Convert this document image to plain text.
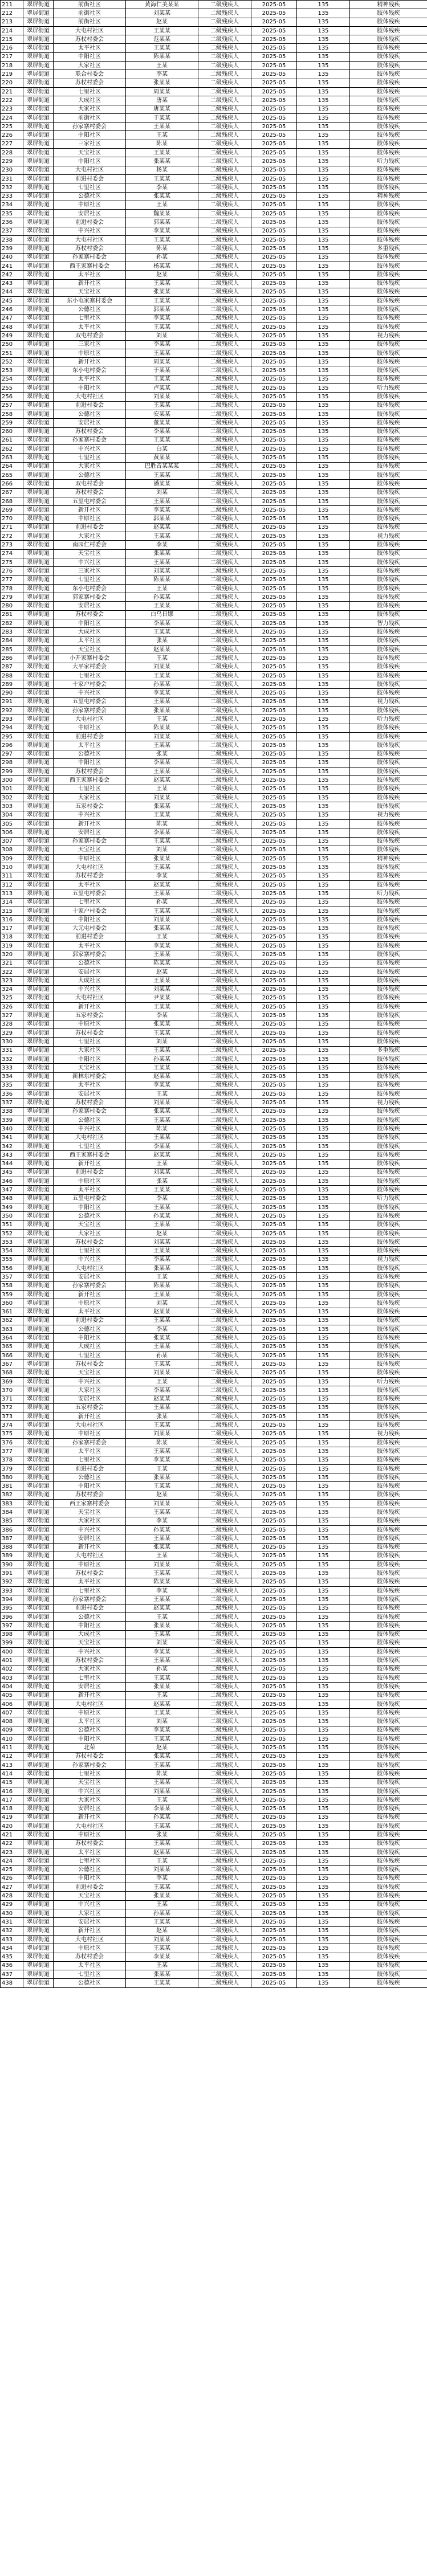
211	翠屏街道	前街社区	黄海仁美某某	二级残疾人	2025-05	135	精神残疾
212	翠屏街道	前街社区	刘某某	二级残疾人	2025-05	135	肢体残疾
213	翠屏街道	前街社区	赵某	二级残疾人	2025-05	135	肢体残疾
214	翠屏街道	大屯村社区	王某某	二级残疾人	2025-05	135	肢体残疾
215	翠屏街道	苏杖村委会	范某某	二级残疾人	2025-05	135	肢体残疾
216	翠屏街道	太平社区	王某某	二级残疾人	2025-05	135	肢体残疾
217	翠屏街道	中阳社区	陈某某	二级残疾人	2025-05	135	肢体残疾
218	翠屏街道	大家社区	王某	二级残疾人	2025-05	135	肢体残疾
219	翠屏街道	联合村委会	李某	二级残疾人	2025-05	135	肢体残疾
220	翠屏街道	苏杖村委会	张某某	二级残疾人	2025-05	135	肢体残疾
221	翠屏街道	七里社区	周某某	二级残疾人	2025-05	135	肢体残疾
222	翠屏街道	大成社区	唐某	二级残疾人	2025-05	135	肢体残疾
223	翠屏街道	大家社区	唐某某	二级残疾人	2025-05	135	肢体残疾
224	翠屏街道	前街社区	于某某	二级残疾人	2025-05	135	肢体残疾
225	翠屏街道	孙家寨村委会	王某某	二级残疾人	2025-05	135	肢体残疾
226	翠屏街道	中阳社区	王某	二级残疾人	2025-05	135	肢体残疾
227	翠屏街道	三家社区	陈某	二级残疾人	2025-05	135	肢体残疾
228	翠屏街道	天宝社区	王某某	二级残疾人	2025-05	135	肢体残疾
229	翠屏街道	中阳社区	张某某	二级残疾人	2025-05	135	听力残疾
230	翠屏街道	大屯村社区	杨某	二级残疾人	2025-05	135	肢体残疾
231	翠屏街道	前进村委会	王某某	二级残疾人	2025-05	135	肢体残疾
232	翠屏街道	七里社区	李某	二级残疾人	2025-05	135	肢体残疾
233	翠屏街道	公德社区	张某某	二级残疾人	2025-05	135	精神残疾
234	翠屏街道	中原社区	王某	二级残疾人	2025-05	135	肢体残疾
235	翠屏街道	安居社区	魏某某	二级残疾人	2025-05	135	肢体残疾
236	翠屏街道	前进村委会	郭某某	二级残疾人	2025-05	135	肢体残疾
237	翠屏街道	中兴社区	李某某	二级残疾人	2025-05	135	肢体残疾
238	翠屏街道	大屯村社区	王某某	二级残疾人	2025-05	135	肢体残疾
239	翠屏街道	苏杖村委会	陈某	二级残疾人	2025-05	135	多重残疾
240	翠屏街道	孙家寨村委会	孙某	二级残疾人	2025-05	135	肢体残疾
241	翠屏街道	西王家寨村委会	杨某某	二级残疾人	2025-05	135	肢体残疾
242	翠屏街道	太平社区	赵某	二级残疾人	2025-05	135	肢体残疾
243	翠屏街道	新开社区	王某某	二级残疾人	2025-05	135	肢体残疾
244	翠屏街道	天宝社区	张某某	二级残疾人	2025-05	135	肢体残疾
245	翠屏街道	东小屯家寨村委会	王某某	二级残疾人	2025-05	135	肢体残疾
246	翠屏街道	公德社区	郭某某	二级残疾人	2025-05	135	肢体残疾
247	翠屏街道	七里社区	李某某	二级残疾人	2025-05	135	肢体残疾
248	翠屏街道	太平社区	王某某	二级残疾人	2025-05	135	肢体残疾
249	翠屏街道	双屯村委会	刘某	二级残疾人	2025-05	135	视力残疾
250	翠屏街道	三家社区	李某某	二级残疾人	2025-05	135	肢体残疾
251	翠屏街道	中原社区	王某某	二级残疾人	2025-05	135	肢体残疾
252	翠屏街道	新开社区	周某某	二级残疾人	2025-05	135	肢体残疾
253	翠屏街道	东小屯村委会	于某某	二级残疾人	2025-05	135	肢体残疾
254	翠屏街道	太平社区	王某某	二级残疾人	2025-05	135	肢体残疾
255	翠屏街道	中阳社区	卢某某	二级残疾人	2025-05	135	听力残疾
256	翠屏街道	大屯村社区	刘某某	二级残疾人	2025-05	135	肢体残疾
257	翠屏街道	前进村委会	王某某	二级残疾人	2025-05	135	肢体残疾
258	翠屏街道	公德社区	安某某	二级残疾人	2025-05	135	肢体残疾
259	翠屏街道	安居社区	董某某	二级残疾人	2025-05	135	肢体残疾
260	翠屏街道	苏杖村委会	李某某	二级残疾人	2025-05	135	肢体残疾
261	翠屏街道	孙家寨村委会	王某某	二级残疾人	2025-05	135	肢体残疾
262	翠屏街道	中兴社区	白某	二级残疾人	2025-05	135	肢体残疾
263	翠屏街道	七里社区	黄某某	二级残疾人	2025-05	135	肢体残疾
264	翠屏街道	大家社区	巴胜音某某某	二级残疾人	2025-05	135	肢体残疾
265	翠屏街道	公德社区	王某某	二级残疾人	2025-05	135	肢体残疾
266	翠屏街道	双屯村委会	潘某某	二级残疾人	2025-05	135	肢体残疾
267	翠屏街道	苏杖村委会	刘某	二级残疾人	2025-05	135	肢体残疾
268	翠屏街道	五里屯村委会	王某某	二级残疾人	2025-05	135	肢体残疾
269	翠屏街道	新开社区	李某某	二级残疾人	2025-05	135	肢体残疾
270	翠屏街道	中原社区	郭某某	二级残疾人	2025-05	135	肢体残疾
271	翠屏街道	前进村委会	赵某某	二级残疾人	2025-05	135	肢体残疾
272	翠屏街道	大家社区	王某某	二级残疾人	2025-05	135	视力残疾
273	翠屏街道	南园仁村委会	李某	二级残疾人	2025-05	135	肢体残疾
274	翠屏街道	天宝社区	张某某	二级残疾人	2025-05	135	肢体残疾
275	翠屏街道	中兴社区	王某某	二级残疾人	2025-05	135	肢体残疾
276	翠屏街道	三家社区	刘某某	二级残疾人	2025-05	135	肢体残疾
277	翠屏街道	七里社区	陈某某	二级残疾人	2025-05	135	肢体残疾
278	翠屏街道	东小屯村委会	王某	二级残疾人	2025-05	135	肢体残疾
279	翠屏街道	郭家寨村委会	孙某某	二级残疾人	2025-05	135	肢体残疾
280	翠屏街道	安居社区	王某某	二级残疾人	2025-05	135	肢体残疾
281	翠屏街道	苏杖村委会	白乌日娜	二级残疾人	2025-05	135	肢体残疾
282	翠屏街道	中阳社区	李某某	二级残疾人	2025-05	135	智力残疾
283	翠屏街道	大成社区	王某某	二级残疾人	2025-05	135	肢体残疾
284	翠屏街道	太平社区	张某	二级残疾人	2025-05	135	肢体残疾
285	翠屏街道	天宝社区	赵某某	二级残疾人	2025-05	135	肢体残疾
286	翠屏街道	小开家寨村委会	王某	二级残疾人	2025-05	135	肢体残疾
287	翠屏街道	大平家村委会	刘某某	二级残疾人	2025-05	135	肢体残疾
288	翠屏街道	七里社区	王某某	二级残疾人	2025-05	135	肢体残疾
289	翠屏街道	十家户村委会	孙某某	二级残疾人	2025-05	135	肢体残疾
290	翠屏街道	中兴社区	李某某	二级残疾人	2025-05	135	肢体残疾
291	翠屏街道	五里屯村委会	王某某	二级残疾人	2025-05	135	视力残疾
292	翠屏街道	孙家寨村委会	张某某	二级残疾人	2025-05	135	肢体残疾
293	翠屏街道	大屯村社区	王某	二级残疾人	2025-05	135	听力残疾
294	翠屏街道	中原社区	陈某某	二级残疾人	2025-05	135	肢体残疾
295	翠屏街道	前进村委会	刘某某	二级残疾人	2025-05	135	肢体残疾
296	翠屏街道	太平社区	王某某	二级残疾人	2025-05	135	肢体残疾
297	翠屏街道	公德社区	张某	二级残疾人	2025-05	135	肢体残疾
298	翠屏街道	中阳社区	李某某	二级残疾人	2025-05	135	肢体残疾
299	翠屏街道	苏杖村委会	王某某	二级残疾人	2025-05	135	肢体残疾
300	翠屏街道	西王家寨村委会	赵某某	二级残疾人	2025-05	135	肢体残疾
301	翠屏街道	七里社区	王某	二级残疾人	2025-05	135	肢体残疾
302	翠屏街道	大家社区	刘某某	二级残疾人	2025-05	135	肢体残疾
303	翠屏街道	五家村委会	张某某	二级残疾人	2025-05	135	肢体残疾
304	翠屏街道	中兴社区	王某某	二级残疾人	2025-05	135	视力残疾
305	翠屏街道	新开社区	陈某	二级残疾人	2025-05	135	肢体残疾
306	翠屏街道	安居社区	李某某	二级残疾人	2025-05	135	肢体残疾
307	翠屏街道	孙家寨村委会	王某某	二级残疾人	2025-05	135	肢体残疾
308	翠屏街道	天宝社区	刘某	二级残疾人	2025-05	135	肢体残疾
309	翠屏街道	中原社区	张某某	二级残疾人	2025-05	135	精神残疾
310	翠屏街道	大屯村社区	王某某	二级残疾人	2025-05	135	肢体残疾
311	翠屏街道	苏杖村委会	李某	二级残疾人	2025-05	135	肢体残疾
312	翠屏街道	太平社区	赵某某	二级残疾人	2025-05	135	肢体残疾
313	翠屏街道	五里屯村委会	王某某	二级残疾人	2025-05	135	听力残疾
314	翠屏街道	七里社区	孙某	二级残疾人	2025-05	135	肢体残疾
315	翠屏街道	十家户村委会	王某某	二级残疾人	2025-05	135	肢体残疾
316	翠屏街道	中阳社区	刘某某	二级残疾人	2025-05	135	肢体残疾
317	翠屏街道	大元屯村委会	张某某	二级残疾人	2025-05	135	肢体残疾
318	翠屏街道	前进村委会	王某	二级残疾人	2025-05	135	肢体残疾
319	翠屏街道	太平社区	李某某	二级残疾人	2025-05	135	肢体残疾
320	翠屏街道	郭家寨村委会	王某某	二级残疾人	2025-05	135	肢体残疾
321	翠屏街道	公德社区	陈某某	二级残疾人	2025-05	135	肢体残疾
322	翠屏街道	安居社区	赵某	二级残疾人	2025-05	135	肢体残疾
323	翠屏街道	大成社区	王某某	二级残疾人	2025-05	135	肢体残疾
324	翠屏街道	中兴社区	刘某某	二级残疾人	2025-05	135	肢体残疾
325	翠屏街道	大屯村社区	尹某某	二级残疾人	2025-05	135	肢体残疾
326	翠屏街道	新开社区	王某某	二级残疾人	2025-05	135	肢体残疾
327	翠屏街道	五家村委会	李某	二级残疾人	2025-05	135	肢体残疾
328	翠屏街道	中原社区	张某某	二级残疾人	2025-05	135	肢体残疾
329	翠屏街道	苏杖村委会	王某某	二级残疾人	2025-05	135	肢体残疾
330	翠屏街道	七里社区	刘某	二级残疾人	2025-05	135	肢体残疾
331	翠屏街道	大家社区	王某某	二级残疾人	2025-05	135	多重残疾
332	翠屏街道	中阳社区	孙某某	二级残疾人	2025-05	135	肢体残疾
333	翠屏街道	天宝社区	王某某	二级残疾人	2025-05	135	肢体残疾
334	翠屏街道	新林东村委会	赵某某	二级残疾人	2025-05	135	肢体残疾
335	翠屏街道	太平社区	李某某	二级残疾人	2025-05	135	肢体残疾
336	翠屏街道	安居社区	王某	二级残疾人	2025-05	135	肢体残疾
337	翠屏街道	苏杖村委会	刘某某	二级残疾人	2025-05	135	视力残疾
338	翠屏街道	孙家寨村委会	张某某	二级残疾人	2025-05	135	肢体残疾
339	翠屏街道	公德社区	王某某	二级残疾人	2025-05	135	肢体残疾
340	翠屏街道	中兴社区	陈某	二级残疾人	2025-05	135	肢体残疾
341	翠屏街道	大屯村社区	王某某	二级残疾人	2025-05	135	肢体残疾
342	翠屏街道	七里社区	李某某	二级残疾人	2025-05	135	肢体残疾
343	翠屏街道	西王家寨村委会	赵某某	二级残疾人	2025-05	135	肢体残疾
344	翠屏街道	新开社区	王某	二级残疾人	2025-05	135	肢体残疾
345	翠屏街道	前进村委会	刘某某	二级残疾人	2025-05	135	肢体残疾
346	翠屏街道	中原社区	张某	二级残疾人	2025-05	135	肢体残疾
347	翠屏街道	太平社区	王某某	二级残疾人	2025-05	135	肢体残疾
348	翠屏街道	五里屯村委会	李某	二级残疾人	2025-05	135	听力残疾
349	翠屏街道	中阳社区	王某某	二级残疾人	2025-05	135	肢体残疾
350	翠屏街道	公德社区	孙某某	二级残疾人	2025-05	135	肢体残疾
351	翠屏街道	天宝社区	王某某	二级残疾人	2025-05	135	肢体残疾
352	翠屏街道	大家社区	赵某	二级残疾人	2025-05	135	肢体残疾
353	翠屏街道	苏杖村委会	刘某某	二级残疾人	2025-05	135	肢体残疾
354	翠屏街道	七里社区	王某某	二级残疾人	2025-05	135	肢体残疾
355	翠屏街道	中兴社区	李某某	二级残疾人	2025-05	135	视力残疾
356	翠屏街道	大屯村社区	张某某	二级残疾人	2025-05	135	肢体残疾
357	翠屏街道	安居社区	王某	二级残疾人	2025-05	135	肢体残疾
358	翠屏街道	孙家寨村委会	陈某某	二级残疾人	2025-05	135	肢体残疾
359	翠屏街道	新开社区	王某某	二级残疾人	2025-05	135	肢体残疾
360	翠屏街道	中原社区	刘某	二级残疾人	2025-05	135	肢体残疾
361	翠屏街道	太平社区	赵某某	二级残疾人	2025-05	135	肢体残疾
362	翠屏街道	前进村委会	王某某	二级残疾人	2025-05	135	肢体残疾
363	翠屏街道	公德社区	李某	二级残疾人	2025-05	135	肢体残疾
364	翠屏街道	中阳社区	张某某	二级残疾人	2025-05	135	肢体残疾
365	翠屏街道	大成社区	王某某	二级残疾人	2025-05	135	肢体残疾
366	翠屏街道	七里社区	孙某	二级残疾人	2025-05	135	肢体残疾
367	翠屏街道	苏杖村委会	王某某	二级残疾人	2025-05	135	肢体残疾
368	翠屏街道	天宝社区	刘某某	二级残疾人	2025-05	135	肢体残疾
369	翠屏街道	中兴社区	王某	二级残疾人	2025-05	135	听力残疾
370	翠屏街道	大家社区	李某某	二级残疾人	2025-05	135	肢体残疾
371	翠屏街道	安居社区	赵某某	二级残疾人	2025-05	135	肢体残疾
372	翠屏街道	五家村委会	王某某	二级残疾人	2025-05	135	肢体残疾
373	翠屏街道	新开社区	张某	二级残疾人	2025-05	135	肢体残疾
374	翠屏街道	大屯村社区	王某某	二级残疾人	2025-05	135	肢体残疾
375	翠屏街道	中原社区	刘某某	二级残疾人	2025-05	135	视力残疾
376	翠屏街道	孙家寨村委会	陈某	二级残疾人	2025-05	135	肢体残疾
377	翠屏街道	太平社区	王某某	二级残疾人	2025-05	135	肢体残疾
378	翠屏街道	七里社区	李某某	二级残疾人	2025-05	135	肢体残疾
379	翠屏街道	前进村委会	王某	二级残疾人	2025-05	135	肢体残疾
380	翠屏街道	公德社区	张某某	二级残疾人	2025-05	135	肢体残疾
381	翠屏街道	中阳社区	王某某	二级残疾人	2025-05	135	肢体残疾
382	翠屏街道	苏杖村委会	赵某	二级残疾人	2025-05	135	肢体残疾
383	翠屏街道	西王家寨村委会	刘某某	二级残疾人	2025-05	135	肢体残疾
384	翠屏街道	天宝社区	王某某	二级残疾人	2025-05	135	肢体残疾
385	翠屏街道	大家社区	李某	二级残疾人	2025-05	135	肢体残疾
386	翠屏街道	中兴社区	孙某某	二级残疾人	2025-05	135	肢体残疾
387	翠屏街道	安居社区	王某某	二级残疾人	2025-05	135	肢体残疾
388	翠屏街道	新开社区	张某某	二级残疾人	2025-05	135	肢体残疾
389	翠屏街道	大屯村社区	王某	二级残疾人	2025-05	135	肢体残疾
390	翠屏街道	中原社区	刘某某	二级残疾人	2025-05	135	肢体残疾
391	翠屏街道	苏杖村委会	王某某	二级残疾人	2025-05	135	肢体残疾
392	翠屏街道	太平社区	陈某某	二级残疾人	2025-05	135	肢体残疾
393	翠屏街道	七里社区	李某	二级残疾人	2025-05	135	肢体残疾
394	翠屏街道	孙家寨村委会	王某某	二级残疾人	2025-05	135	肢体残疾
395	翠屏街道	前进村委会	赵某某	二级残疾人	2025-05	135	肢体残疾
396	翠屏街道	公德社区	王某	二级残疾人	2025-05	135	肢体残疾
397	翠屏街道	中阳社区	张某某	二级残疾人	2025-05	135	肢体残疾
398	翠屏街道	大成社区	王某某	二级残疾人	2025-05	135	肢体残疾
399	翠屏街道	天宝社区	刘某	二级残疾人	2025-05	135	肢体残疾
400	翠屏街道	中兴社区	李某某	二级残疾人	2025-05	135	肢体残疾
401	翠屏街道	苏杖村委会	王某某	二级残疾人	2025-05	135	肢体残疾
402	翠屏街道	大家社区	孙某	二级残疾人	2025-05	135	肢体残疾
403	翠屏街道	七里社区	王某某	二级残疾人	2025-05	135	肢体残疾
404	翠屏街道	安居社区	张某某	二级残疾人	2025-05	135	肢体残疾
405	翠屏街道	新开社区	王某	二级残疾人	2025-05	135	肢体残疾
406	翠屏街道	大屯村社区	赵某某	二级残疾人	2025-05	135	肢体残疾
407	翠屏街道	中原社区	王某某	二级残疾人	2025-05	135	肢体残疾
408	翠屏街道	太平社区	刘某	二级残疾人	2025-05	135	肢体残疾
409	翠屏街道	公德社区	李某某	二级残疾人	2025-05	135	肢体残疾
410	翠屏街道	中阳社区	王某某	二级残疾人	2025-05	135	肢体残疾
411	翠屏街道	北荣	赵某	二级残疾人	2025-05	135	肢体残疾
412	翠屏街道	苏杖村委会	张某某	二级残疾人	2025-05	135	肢体残疾
413	翠屏街道	孙家寨村委会	王某某	二级残疾人	2025-05	135	肢体残疾
414	翠屏街道	七里社区	陈某	二级残疾人	2025-05	135	肢体残疾
415	翠屏街道	天宝社区	王某某	二级残疾人	2025-05	135	肢体残疾
416	翠屏街道	中兴社区	刘某某	二级残疾人	2025-05	135	肢体残疾
417	翠屏街道	大家社区	王某	二级残疾人	2025-05	135	肢体残疾
418	翠屏街道	安居社区	李某某	二级残疾人	2025-05	135	肢体残疾
419	翠屏街道	新开社区	孙某某	二级残疾人	2025-05	135	肢体残疾
420	翠屏街道	大屯村社区	王某某	二级残疾人	2025-05	135	肢体残疾
421	翠屏街道	中原社区	张某	二级残疾人	2025-05	135	肢体残疾
422	翠屏街道	苏杖村委会	王某某	二级残疾人	2025-05	135	肢体残疾
423	翠屏街道	太平社区	赵某某	二级残疾人	2025-05	135	肢体残疾
424	翠屏街道	七里社区	王某	二级残疾人	2025-05	135	肢体残疾
425	翠屏街道	公德社区	刘某某	二级残疾人	2025-05	135	肢体残疾
426	翠屏街道	中阳社区	李某	二级残疾人	2025-05	135	肢体残疾
427	翠屏街道	前进村委会	王某某	二级残疾人	2025-05	135	肢体残疾
428	翠屏街道	天宝社区	张某某	二级残疾人	2025-05	135	肢体残疾
429	翠屏街道	中兴社区	王某	二级残疾人	2025-05	135	肢体残疾
430	翠屏街道	大家社区	孙某某	二级残疾人	2025-05	135	肢体残疾
431	翠屏街道	安居社区	王某某	二级残疾人	2025-05	135	肢体残疾
432	翠屏街道	新开社区	赵某	二级残疾人	2025-05	135	肢体残疾
433	翠屏街道	大屯村社区	刘某某	二级残疾人	2025-05	135	肢体残疾
434	翠屏街道	中原社区	王某某	二级残疾人	2025-05	135	肢体残疾
435	翠屏街道	苏杖村委会	李某某	二级残疾人	2025-05	135	肢体残疾
436	翠屏街道	太平社区	王某	二级残疾人	2025-05	135	肢体残疾
437	翠屏街道	七里社区	张某某	二级残疾人	2025-05	135	肢体残疾
438	翠屏街道	公德社区	王某某	二级残疾人	2025-05	135	肢体残疾
